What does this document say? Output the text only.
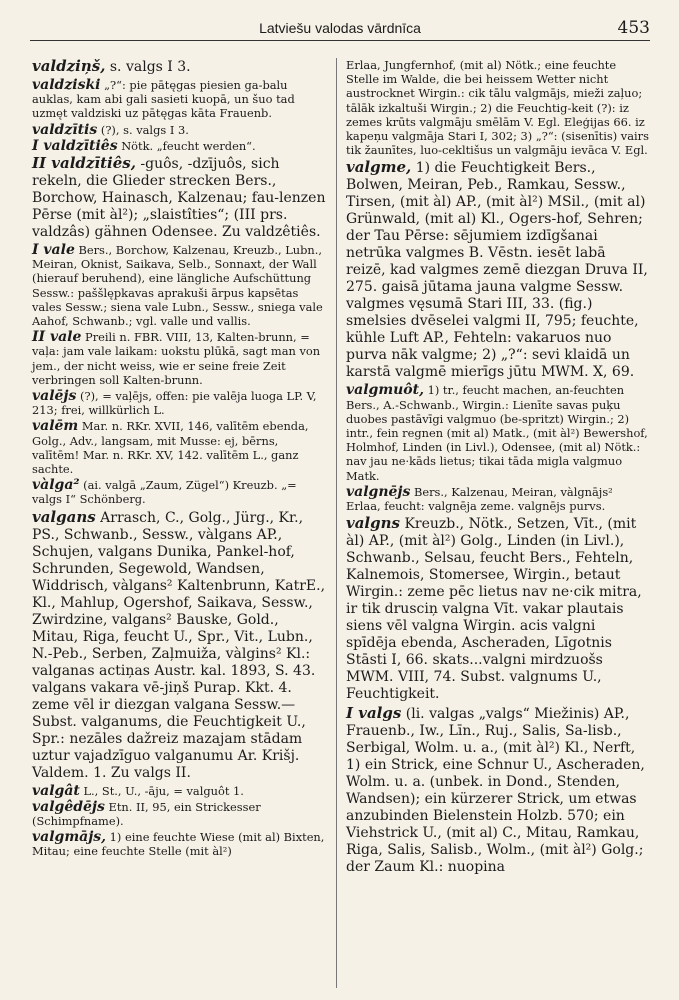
Latviešu valodas vārdnīca	453

valdziņš, s. valgs I 3.

valdziski „?“: pie pātęgas piesien ga-balu auklas, kam abi gali sasieti kuopā, un šuo tad uzmęt valdziski uz pātęgas kāta Frauenb.

valdzītis (?), s. valgs I 3.

I valdzītiês Nötk. „feucht werden“.

II valdzītiês, -guôs, -dzījuôs, sich rekeln, die Glieder strecken Bers., Borchow, Hainasch, Kalzenau; fau-lenzen Pērse (mit àl²); „slaistîties“; (III prs. valdzâs) gähnen Odensee. Zu valdzêtiês.

I vale Bers., Borchow, Kalzenau, Kreuzb., Lubn., Meiran, Oknist, Saikava, Selb., Sonnaxt, der Wall (hierauf beruhend), eine längliche Aufschüttung Sessw.: paššlępkavas aprakuši ārpus kapsētas vales Sessw.; siena vale Lubn., Sessw., sniega vale Aahof, Schwanb.; vgl. valle und vallis.

II vale Preili n. FBR. VIII, 13, Kalten-brunn, = vaļa: jam vale laikam: uokstu plūkā, sagt man von jem., der nicht weiss, wie er seine freie Zeit verbringen soll Kalten-brunn.

valējs (?), = vaļējs, offen: pie valēja luoga LP. V, 213; frei, willkürlich L.

valēm Mar. n. RKr. XVII, 146, valītēm ebenda, Golg., Adv., langsam, mit Musse: ej, bērns, valītēm! Mar. n. RKr. XV, 142. valītēm L., ganz sachte.

vàlga² (ai. valgā „Zaum, Zügel“) Kreuzb. „= valgs I“ Schönberg.

valgans Arrasch, C., Golg., Jürg., Kr., PS., Schwanb., Sessw., vàlgans AP., Schujen, valgans Dunika, Pankel-hof, Schrunden, Segewold, Wandsen, Widdrisch, vàlgans² Kaltenbrunn, KatrE., Kl., Mahlup, Ogershof, Saikava, Sessw., Zwirdzine, valgans² Bauske, Gold., Mitau, Riga, feucht U., Spr., Vit., Lubn., N.-Peb., Serben, Zaļmuiža, vàlgins² Kl.: valganas actiņas Austr. kal. 1893, S. 43. valgans vakara vē-jiņš Purap. Kkt. 4. zeme vēl ir diezgan valgana Sessw.—Subst. valganums, die Feuchtigkeit U., Spr.: nezāles dažreiz mazajam stādam uztur vajadzīguo valganumu Ar. Krišj. Valdem. 1. Zu valgs II.

valgât L., St., U., -āju, = valguôt 1.

valgêdējs Etn. II, 95, ein Strickesser (Schimpfname).

valgmājs, 1) eine feuchte Wiese (mit al) Bixten, Mitau; eine feuchte Stelle (mit àl²)

Erlaa, Jungfernhof, (mit al) Nötk.; eine feuchte Stelle im Walde, die bei heissem Wetter nicht austrocknet Wirgin.: cik tālu valgmājs, mieži zaļuo; tālāk izkaltuši Wirgin.; 2) die Feuchtig-keit (?): iz zemes krūts valgmāju smēlām V. Egl. Eleģijas 66. iz kapeņu valgmāja Stari I, 302; 3) „?“: (sisenītis) vairs tik žaunītes, luo-cekltišus un valgmāju ievāca V. Egl.

valgme, 1) die Feuchtigkeit Bers., Bolwen, Meiran, Peb., Ramkau, Sessw., Tirsen, (mit àl) AP., (mit àl²) MSil., (mit al) Grünwald, (mit al) Kl., Ogers-hof, Sehren; der Tau Pērse: sējumiem izdīgšanai netrūka valgmes B. Vēstn. iesēt labā reizē, kad valgmes zemē diezgan Druva II, 275. gaisā jūtama jauna valgme Sessw. valgmes vęsumā Stari III, 33. (fig.) smelsies dvēselei valgmi II, 795; feuchte, kühle Luft AP., Fehteln: vakaruos nuo purva nāk valgme; 2) „?“: sevi klaidā un karstā valgmē mierīgs jūtu MWM. X, 69.

valgmuôt, 1) tr., feucht machen, an-feuchten Bers., A.-Schwanb., Wirgin.: Lienīte savas puķu duobes pastāvīgi valgmuo (be-spritzt) Wirgin.; 2) intr., fein regnen (mit al) Matk., (mit àl²) Bewershof, Holmhof, Linden (in Livl.), Odensee, (mit al) Nötk.: nav jau ne·kāds lietus; tikai tāda migla valgmuo Matk.

valgnējs Bers., Kalzenau, Meiran, vàlgnājs² Erlaa, feucht: valgnēja zeme. valgnējs purvs.

valgns Kreuzb., Nötk., Setzen, Vīt., (mit àl) AP., (mit àl²) Golg., Linden (in Livl.), Schwanb., Selsau, feucht Bers., Fehteln, Kalnemois, Stomersee, Wirgin., betaut Wirgin.: zeme pēc lietus nav ne·cik mitra, ir tik drusciņ valgna Vīt. vakar plautais siens vēl valgna Wirgin. acis valgni spīdēja ebenda, Ascheraden, Līgotnis Stāsti I, 66. skats...valgni mirdzuošs MWM. VIII, 74. Subst. valgnums U., Feuchtigkeit.

I valgs (li. valgas „valgs“ Miežinis) AP., Frauenb., Iw., Līn., Ruj., Salis, Sa-lisb., Serbigal, Wolm. u. a., (mit àl²) Kl., Nerft, 1) ein Strick, eine Schnur U., Ascheraden, Wolm. u. a. (unbek. in Dond., Stenden, Wandsen); ein kürzerer Strick, um etwas anzubinden Bielenstein Holzb. 570; ein Viehstrick U., (mit al) C., Mitau, Ramkau, Riga, Salis, Salisb., Wolm., (mit àl²) Golg.; der Zaum Kl.: nuopina
